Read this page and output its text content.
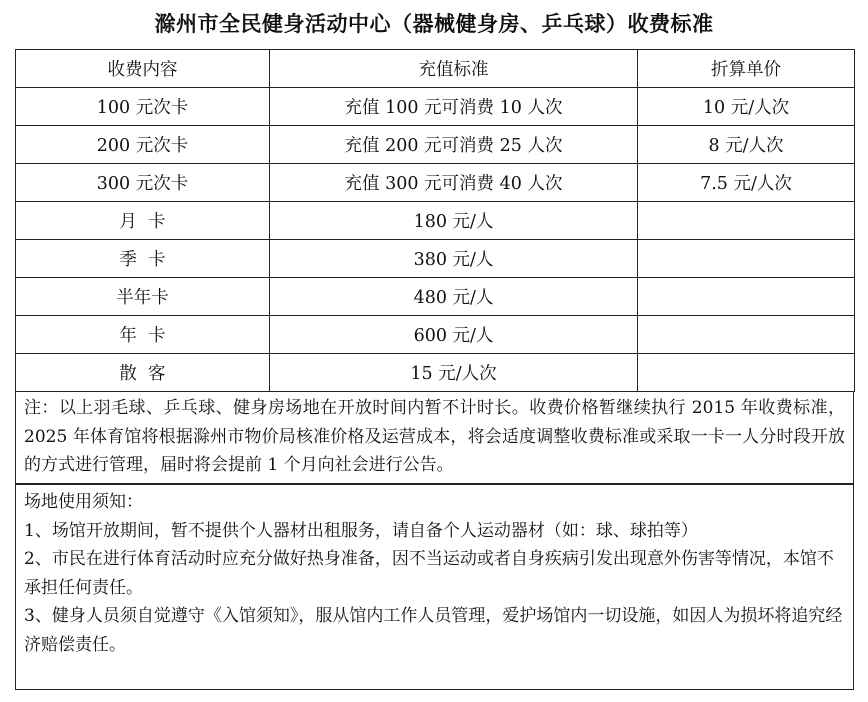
滁州市全民健身活动中心（器械健身房、乒乓球）收费标准
收费内容	充值标准	折算单价
100 元次卡	充值 100 元可消费 10 人次	10 元/人次
200 元次卡	充值 200 元可消费 25 人次	8 元/人次
300 元次卡	充值 300 元可消费 40 人次	7.5 元/人次
月  卡	180 元/人	
季  卡	380 元/人	
半年卡	480 元/人	
年  卡	600 元/人	
散  客	15 元/人次	
注：以上羽毛球、乒乓球、健身房场地在开放时间内暂不计时长。收费价格暂继续执行 2015 年收费标准，2025 年体育馆将根据滁州市物价局核准价格及运营成本，将会适度调整收费标准或采取一卡一人分时段开放的方式进行管理，届时将会提前 1 个月向社会进行公告。

场地使用须知：

1、场馆开放期间，暂不提供个人器材出租服务，请自备个人运动器材（如：球、球拍等）

2、市民在进行体育活动时应充分做好热身准备，因不当运动或者自身疾病引发出现意外伤害等情况，本馆不承担任何责任。

3、健身人员须自觉遵守《入馆须知》，服从馆内工作人员管理，爱护场馆内一切设施，如因人为损坏将追究经济赔偿责任。
